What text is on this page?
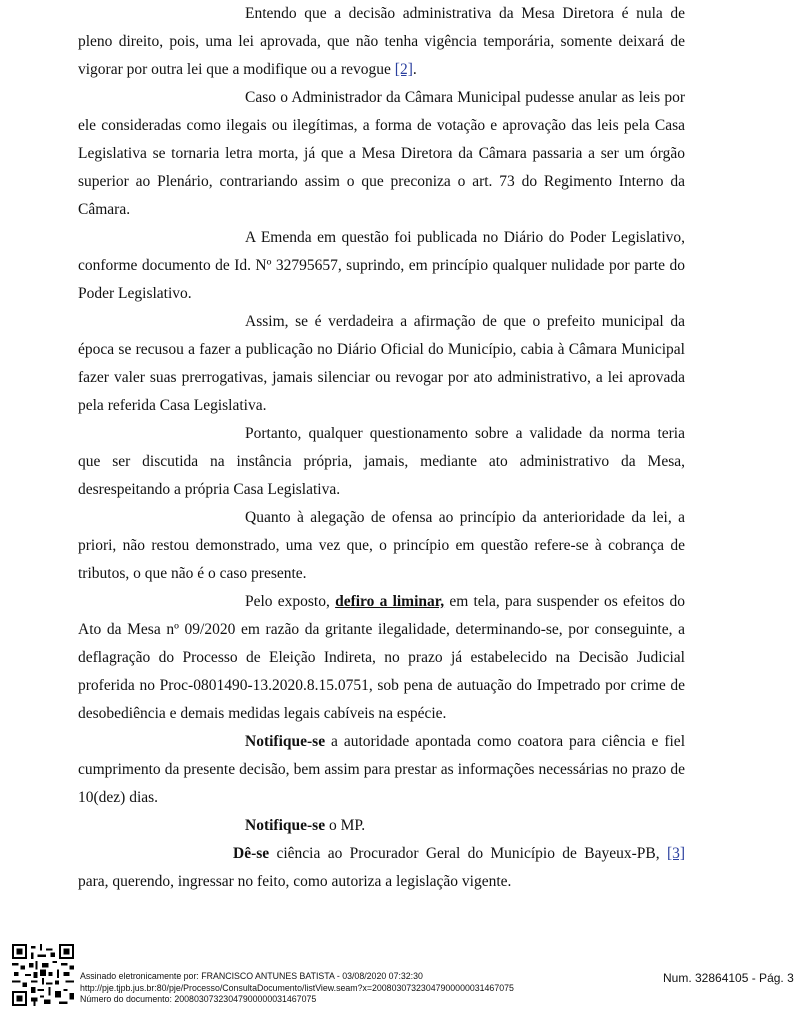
Entendo que a decisão administrativa da Mesa Diretora é nula de pleno direito, pois, uma lei aprovada, que não tenha vigência temporária, somente deixará de vigorar por outra lei que a modifique ou a revogue [2].
Caso o Administrador da Câmara Municipal pudesse anular as leis por ele consideradas como ilegais ou ilegítimas, a forma de votação e aprovação das leis pela Casa Legislativa se tornaria letra morta, já que a Mesa Diretora da Câmara passaria a ser um órgão superior ao Plenário, contrariando assim o que preconiza o art. 73 do Regimento Interno da Câmara.
A Emenda em questão foi publicada no Diário do Poder Legislativo, conforme documento de Id. Nº 32795657, suprindo, em princípio qualquer nulidade por parte do Poder Legislativo.
Assim, se é verdadeira a afirmação de que o prefeito municipal da época se recusou a fazer a publicação no Diário Oficial do Município, cabia à Câmara Municipal fazer valer suas prerrogativas, jamais silenciar ou revogar por ato administrativo, a lei aprovada pela referida Casa Legislativa.
Portanto, qualquer questionamento sobre a validade da norma teria que ser discutida na instância própria, jamais, mediante ato administrativo da Mesa, desrespeitando a própria Casa Legislativa.
Quanto à alegação de ofensa ao princípio da anterioridade da lei, a priori, não restou demonstrado, uma vez que, o princípio em questão refere-se à cobrança de tributos, o que não é o caso presente.
Pelo exposto, defiro a liminar, em tela, para suspender os efeitos do Ato da Mesa nº 09/2020 em razão da gritante ilegalidade, determinando-se, por conseguinte, a deflagração do Processo de Eleição Indireta, no prazo já estabelecido na Decisão Judicial proferida no Proc-0801490-13.2020.8.15.0751, sob pena de autuação do Impetrado por crime de desobediência e demais medidas legais cabíveis na espécie.
Notifique-se a autoridade apontada como coatora para ciência e fiel cumprimento da presente decisão, bem assim para prestar as informações necessárias no prazo de 10(dez) dias.
Notifique-se o MP.
Dê-se ciência ao Procurador Geral do Município de Bayeux-PB, [3] para, querendo, ingressar no feito, como autoriza a legislação vigente.
Assinado eletronicamente por: FRANCISCO ANTUNES BATISTA - 03/08/2020 07:32:30
http://pje.tjpb.jus.br:80/pje/Processo/ConsultaDocumento/listView.seam?x=20080307323047900000031467075
Número do documento: 20080307323047900000031467075
Num. 32864105 - Pág. 3
